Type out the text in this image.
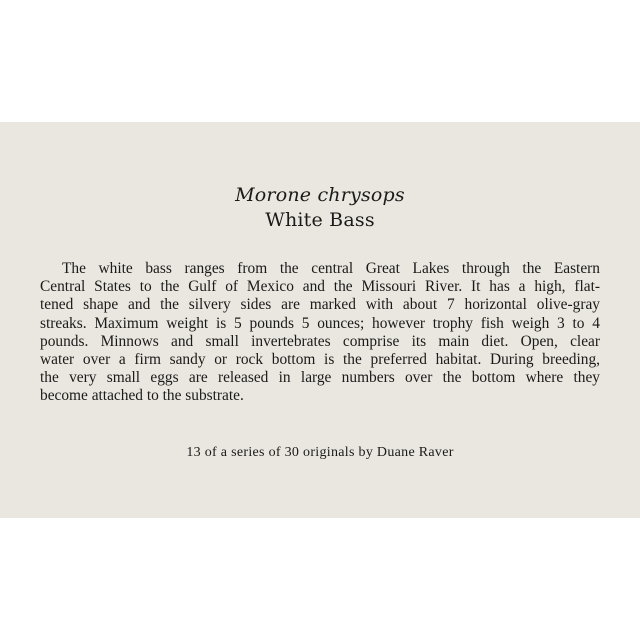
Morone chrysops
White Bass
The white bass ranges from the central Great Lakes through the Eastern
Central States to the Gulf of Mexico and the Missouri River. It has a high, flat-
tened shape and the silvery sides are marked with about 7 horizontal olive-gray
streaks. Maximum weight is 5 pounds 5 ounces; however trophy fish weigh 3 to 4
pounds. Minnows and small invertebrates comprise its main diet. Open, clear
water over a firm sandy or rock bottom is the preferred habitat. During breeding,
the very small eggs are released in large numbers over the bottom where they
become attached to the substrate.
13 of a series of 30 originals by Duane Raver
